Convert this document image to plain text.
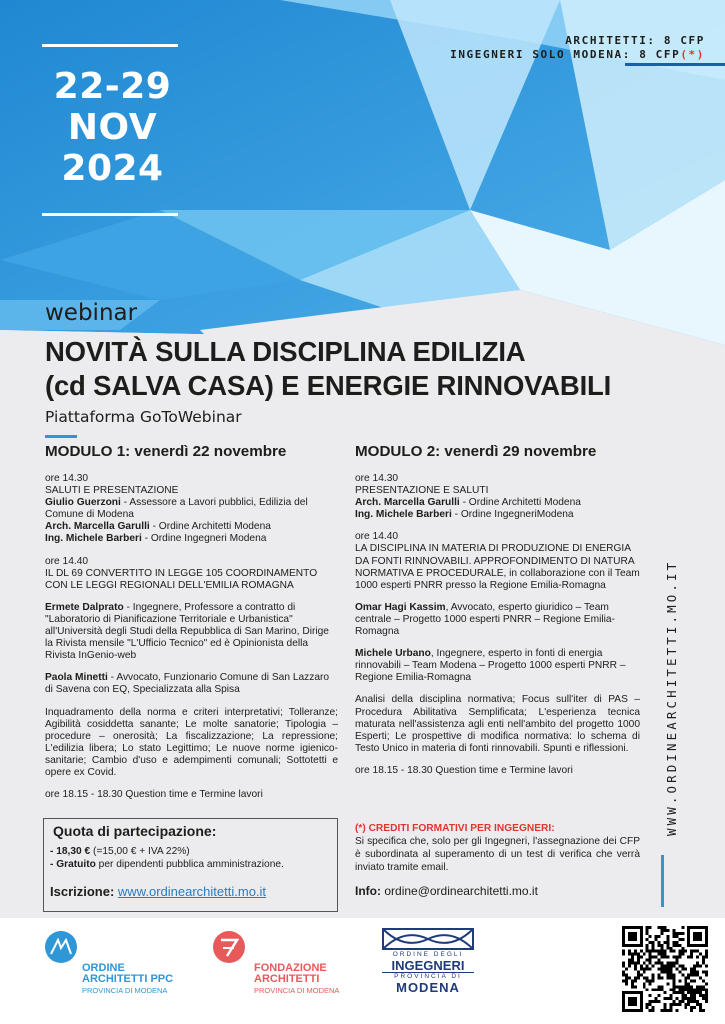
22-29
NOV
2024
ARCHITETTI: 8 CFP
INGEGNERI SOLO MODENA: 8 CFP(*)
webinar
NOVITÀ SULLA DISCIPLINA EDILIZIA
(cd SALVA CASA) E ENERGIE RINNOVABILI
Piattaforma GoToWebinar
MODULO 1: venerdì 22 novembre

ore 14.30

SALUTI E PRESENTAZIONE

Giulio Guerzoni - Assessore a Lavori pubblici, Edilizia del Comune di Modena

Arch. Marcella Garulli - Ordine Architetti Modena

Ing. Michele Barberi - Ordine Ingegneri Modena

ore 14.40

IL DL 69 CONVERTITO IN LEGGE 105 COORDINAMENTO CON LE LEGGI REGIONALI DELL'EMILIA ROMAGNA

Ermete Dalprato - Ingegnere, Professore a contratto di "Laboratorio di Pianificazione Territoriale e Urbanistica" all'Università degli Studi della Repubblica di San Marino, Dirige la Rivista mensile "L'Ufficio Tecnico" ed è Opinionista della Rivista InGenio-web

Paola Minetti - Avvocato, Funzionario Comune di San Lazzaro di Savena con EQ, Specializzata alla Spisa

Inquadramento della norma e criteri interpretativi; Tolleranze; Agibilità cosiddetta sanante; Le molte sanatorie; Tipologia – procedure – onerosità; La fiscalizzazione; La repressione; L'edilizia libera; Lo stato Legittimo; Le nuove norme igienico-sanitarie; Cambio d'uso e adempimenti comunali; Sottotetti e opere ex Covid.

ore 18.15 - 18.30 Question time e Termine lavori

MODULO 2: venerdì 29 novembre

ore 14.30

PRESENTAZIONE E SALUTI

Arch. Marcella Garulli - Ordine Architetti Modena

Ing. Michele Barberi - Ordine IngegneriModena

ore 14.40

LA DISCIPLINA IN MATERIA DI PRODUZIONE DI ENERGIA DA FONTI RINNOVABILI. APPROFONDIMENTO DI NATURA NORMATIVA E PROCEDURALE, in collaborazione con il Team 1000 esperti PNRR presso la Regione Emilia-Romagna

Omar Hagi Kassim, Avvocato, esperto giuridico – Team centrale – Progetto 1000 esperti PNRR – Regione Emilia-Romagna

Michele Urbano, Ingegnere, esperto in fonti di energia rinnovabili – Team Modena – Progetto 1000 esperti PNRR – Regione Emilia-Romagna

Analisi della disciplina normativa; Focus sull'iter di PAS – Procedura Abilitativa Semplificata; L'esperienza tecnica maturata nell'assistenza agli enti nell'ambito del progetto 1000 Esperti; Le prospettive di modifica normativa: lo schema di Testo Unico in materia di fonti rinnovabili. Spunti e riflessioni.

ore 18.15 - 18.30 Question time e Termine lavori

Quota di partecipazione:
- 18,30 € (=15,00 € + IVA 22%)
- Gratuito per dipendenti pubblica amministrazione.
Iscrizione: www.ordinearchitetti.mo.it
(*) CREDITI FORMATIVI PER INGEGNERI:
Si specifica che, solo per gli Ingegneri, l'assegnazione dei CFP è subordinata al superamento di un test di verifica che verrà inviato tramite email.
Info: ordine@ordinearchitetti.mo.it
WWW.ORDINEARCHITETTI.MO.IT
ORDINE
ARCHITETTI PPC
PROVINCIA DI MODENA
FONDAZIONE
ARCHITETTI
PROVINCIA DI MODENA
ORDINE DEGLI
INGEGNERI
PROVINCIA DI
MODENA
